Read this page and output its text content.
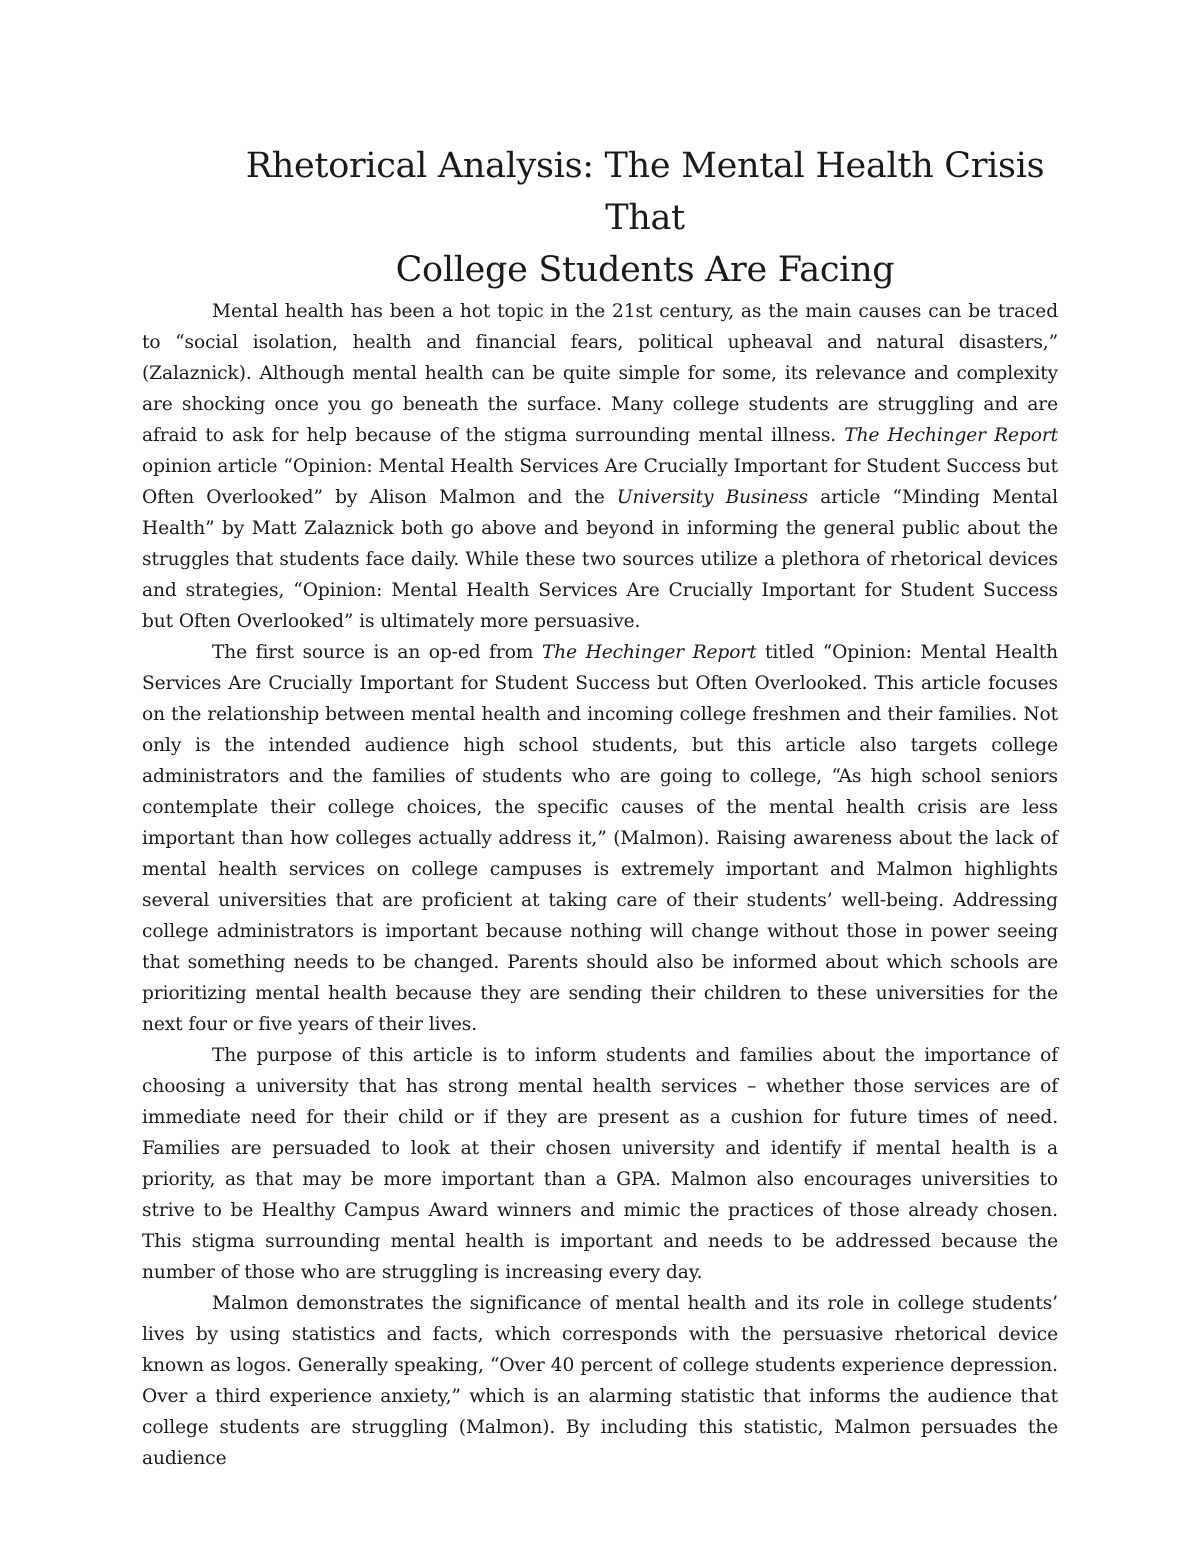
Rhetorical Analysis: The Mental Health Crisis That
College Students Are Facing

Mental health has been a hot topic in the 21st century, as the main causes can be traced to “social isolation, health and financial fears, political upheaval and natural disasters,” (Zalaznick). Although mental health can be quite simple for some, its relevance and complexity are shocking once you go beneath the surface. Many college students are struggling and are afraid to ask for help because of the stigma surrounding mental illness. The Hechinger Report opinion article “Opinion: Mental Health Services Are Crucially Important for Student Success but Often Overlooked” by Alison Malmon and the University Business article “Minding Mental Health” by Matt Zalaznick both go above and beyond in informing the general public about the struggles that students face daily. While these two sources utilize a plethora of rhetorical devices and strategies, “Opinion: Mental Health Services Are Crucially Important for Student Success but Often Overlooked” is ultimately more persuasive.

The first source is an op-ed from The Hechinger Report titled “Opinion: Mental Health Services Are Crucially Important for Student Success but Often Overlooked. This article focuses on the relationship between mental health and incoming college freshmen and their families. Not only is the intended audience high school students, but this article also targets college administrators and the families of students who are going to college, “As high school seniors contemplate their college choices, the specific causes of the mental health crisis are less important than how colleges actually address it,” (Malmon). Raising awareness about the lack of mental health services on college campuses is extremely important and Malmon highlights several universities that are proficient at taking care of their students’ well-being. Addressing college administrators is important because nothing will change without those in power seeing that something needs to be changed. Parents should also be informed about which schools are prioritizing mental health because they are sending their children to these universities for the next four or five years of their lives.

The purpose of this article is to inform students and families about the importance of choosing a university that has strong mental health services – whether those services are of immediate need for their child or if they are present as a cushion for future times of need. Families are persuaded to look at their chosen university and identify if mental health is a priority, as that may be more important than a GPA. Malmon also encourages universities to strive to be Healthy Campus Award winners and mimic the practices of those already chosen. This stigma surrounding mental health is important and needs to be addressed because the number of those who are struggling is increasing every day.

Malmon demonstrates the significance of mental health and its role in college students’ lives by using statistics and facts, which corresponds with the persuasive rhetorical device known as logos. Generally speaking, “Over 40 percent of college students experience depression. Over a third experience anxiety,” which is an alarming statistic that informs the audience that college students are struggling (Malmon). By including this statistic, Malmon persuades the audience
